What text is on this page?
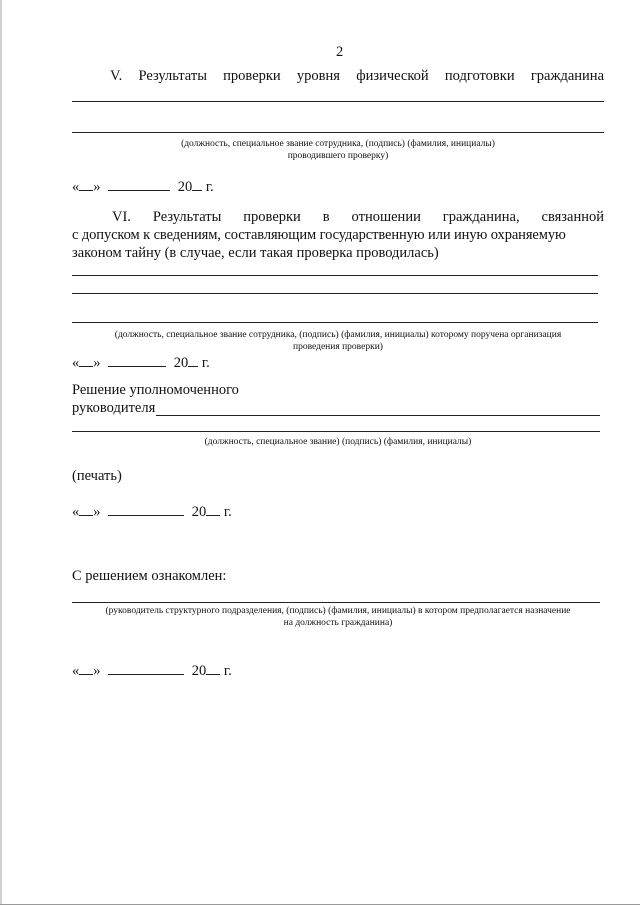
2
V. Результаты проверки уровня физической подготовки гражданина
(должность, специальное звание сотрудника, (подпись) (фамилия, инициалы)
проводившего проверку)
« »	20 г.
VI. Результаты проверки в отношении гражданина, связанной
с допуском к сведениям, составляющим государственную или иную охраняемую
законом тайну (в случае, если такая проверка проводилась)
(должность, специальное звание сотрудника, (подпись) (фамилия, инициалы) которому поручена организация
проведения проверки)
« »	20 г.
Решение уполномоченного
руководителя
(должность, специальное звание) (подпись) (фамилия, инициалы)
(печать)
« »	20 г.
С решением ознакомлен:
(руководитель структурного подразделения, (подпись) (фамилия, инициалы) в котором предполагается назначение
на должность гражданина)
« »	20 г.
